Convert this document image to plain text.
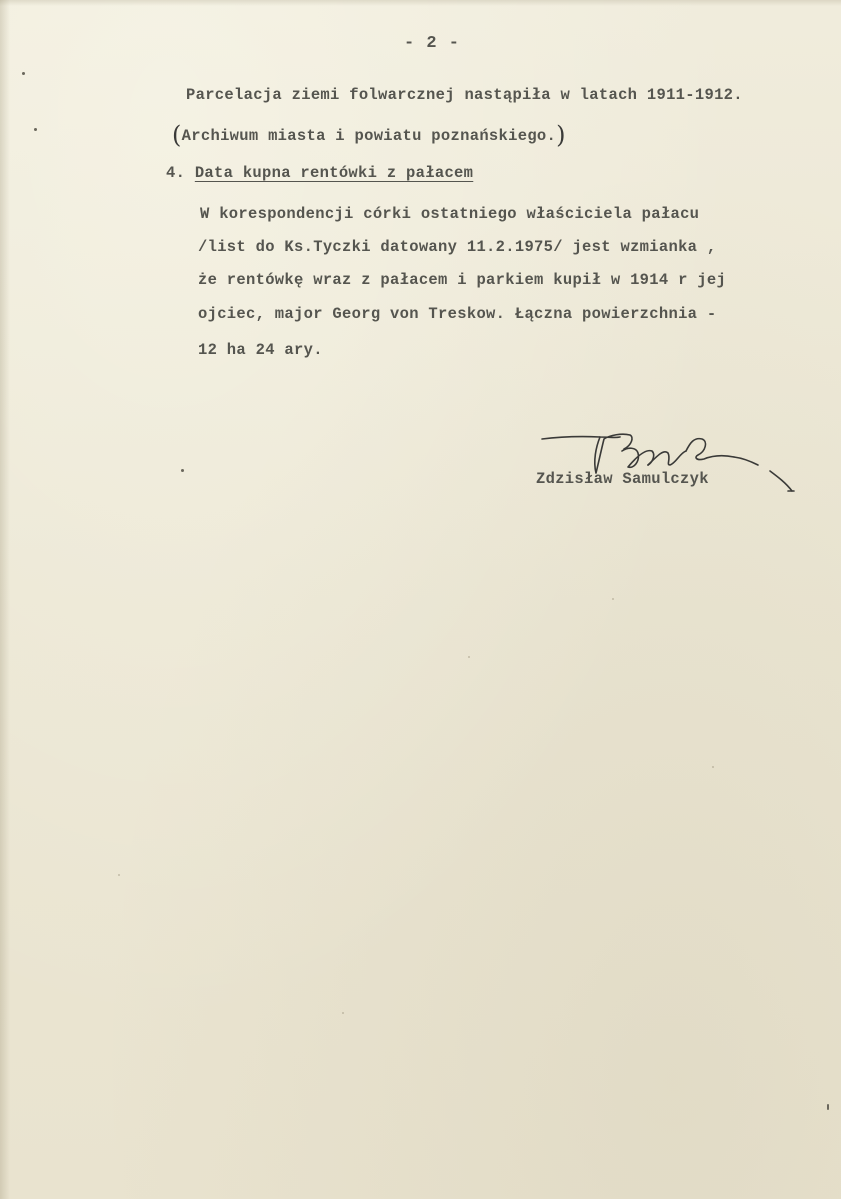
- 2 -
Parcelacja ziemi folwarcznej nastąpiła w latach 1911-1912.
(Archiwum miasta i powiatu poznańskiego.)
4. Data kupna rentówki z pałacem
W korespondencji córki ostatniego właściciela pałacu
/list do Ks.Tyczki datowany 11.2.1975/ jest wzmianka ,
że rentówkę wraz z pałacem i parkiem kupił w 1914 r jej
ojciec, major Georg von Treskow. Łączna powierzchnia -
12 ha 24 ary.
Zdzisław Samulczyk
